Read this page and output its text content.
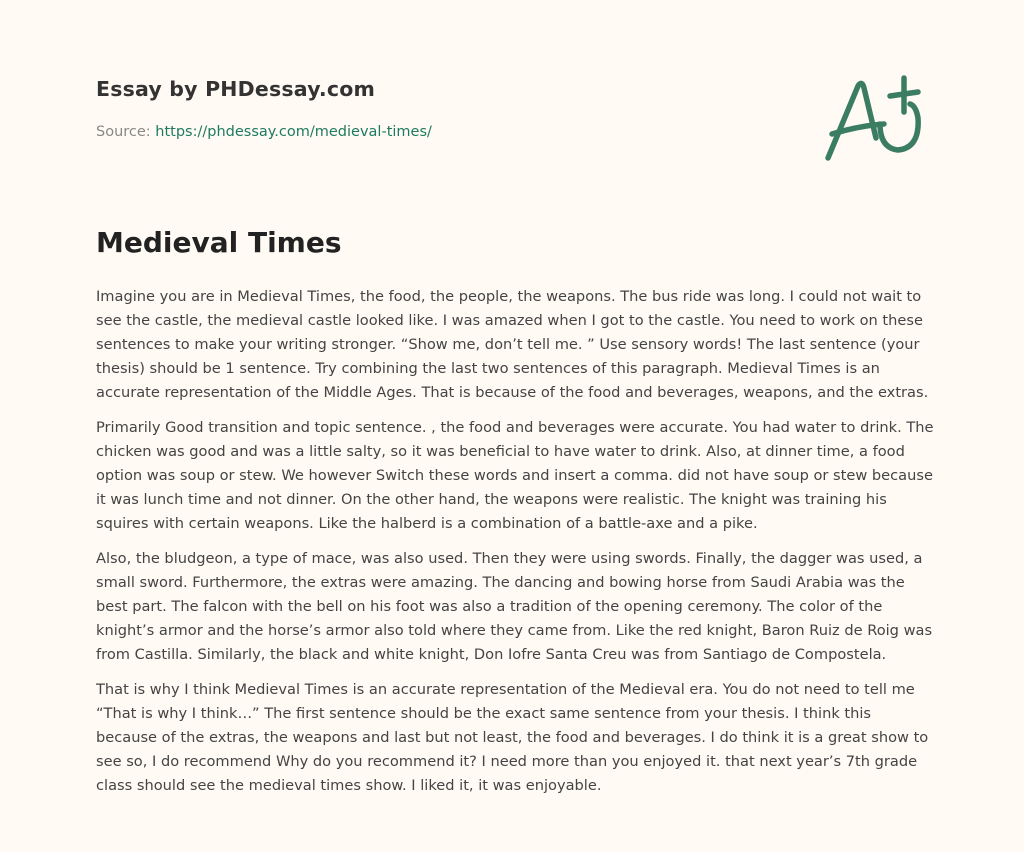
Essay by PHDessay.com
Source: https://phdessay.com/medieval-times/
Medieval Times

Imagine you are in Medieval Times, the food, the people, the weapons. The bus ride was long. I could not wait to see the castle, the medieval castle looked like. I was amazed when I got to the castle. You need to work on these sentences to make your writing stronger. “Show me, don’t tell me. ” Use sensory words! The last sentence (your thesis) should be 1 sentence. Try combining the last two sentences of this paragraph. Medieval Times is an accurate representation of the Middle Ages. That is because of the food and beverages, weapons, and the extras.

Primarily Good transition and topic sentence. , the food and beverages were accurate. You had water to drink. The chicken was good and was a little salty, so it was beneficial to have water to drink. Also, at dinner time, a food option was soup or stew. We however Switch these words and insert a comma. did not have soup or stew because it was lunch time and not dinner. On the other hand, the weapons were realistic. The knight was training his squires with certain weapons. Like the halberd is a combination of a battle-axe and a pike.

Also, the bludgeon, a type of mace, was also used. Then they were using swords. Finally, the dagger was used, a small sword. Furthermore, the extras were amazing. The dancing and bowing horse from Saudi Arabia was the best part. The falcon with the bell on his foot was also a tradition of the opening ceremony. The color of the knight’s armor and the horse’s armor also told where they came from. Like the red knight, Baron Ruiz de Roig was from Castilla. Similarly, the black and white knight, Don Iofre Santa Creu was from Santiago de Compostela.

That is why I think Medieval Times is an accurate representation of the Medieval era. You do not need to tell me “That is why I think…” The first sentence should be the exact same sentence from your thesis. I think this because of the extras, the weapons and last but not least, the food and beverages. I do think it is a great show to see so, I do recommend Why do you recommend it? I need more than you enjoyed it. that next year’s 7th grade class should see the medieval times show. I liked it, it was enjoyable.
